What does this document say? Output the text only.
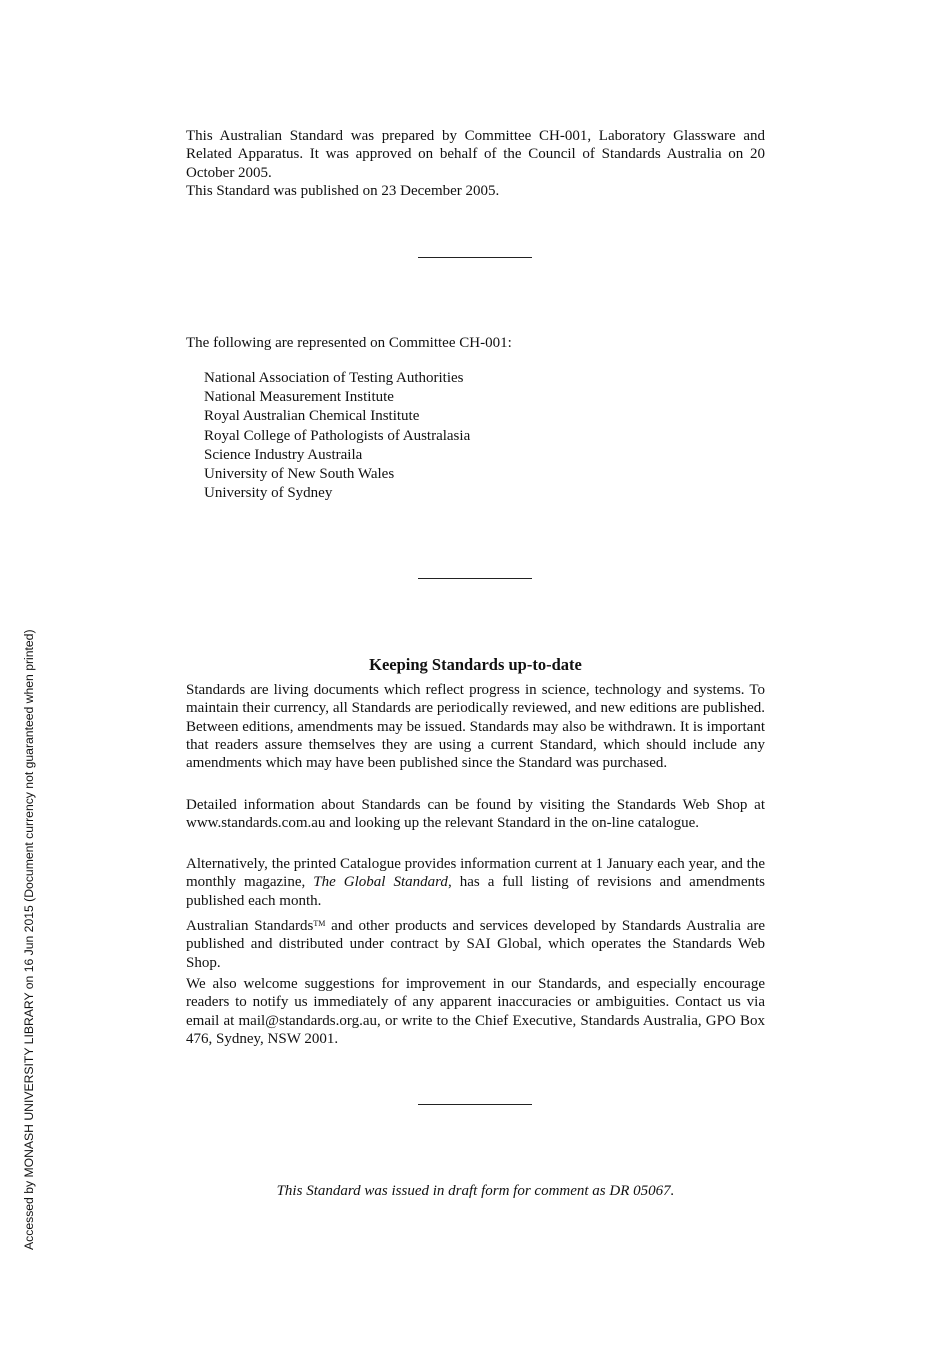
This Australian Standard was prepared by Committee CH-001, Laboratory Glassware and Related Apparatus. It was approved on behalf of the Council of Standards Australia on 20 October 2005.
This Standard was published on 23 December 2005.
The following are represented on Committee CH-001:
National Association of Testing Authorities
National Measurement Institute
Royal Australian Chemical Institute
Royal College of Pathologists of Australasia
Science Industry Austraila
University of New South Wales
University of Sydney
Keeping Standards up-to-date
Standards are living documents which reflect progress in science, technology and systems. To maintain their currency, all Standards are periodically reviewed, and new editions are published. Between editions, amendments may be issued. Standards may also be withdrawn. It is important that readers assure themselves they are using a current Standard, which should include any amendments which may have been published since the Standard was purchased.
Detailed information about Standards can be found by visiting the Standards Web Shop at www.standards.com.au and looking up the relevant Standard in the on-line catalogue.
Alternatively, the printed Catalogue provides information current at 1 January each year, and the monthly magazine, The Global Standard, has a full listing of revisions and amendments published each month.
Australian Standards™ and other products and services developed by Standards Australia are published and distributed under contract by SAI Global, which operates the Standards Web Shop.
We also welcome suggestions for improvement in our Standards, and especially encourage readers to notify us immediately of any apparent inaccuracies or ambiguities. Contact us via email at mail@standards.org.au, or write to the Chief Executive, Standards Australia, GPO Box 476, Sydney, NSW 2001.
This Standard was issued in draft form for comment as DR 05067.
Accessed by MONASH UNIVERSITY LIBRARY on 16 Jun 2015 (Document currency not guaranteed when printed)
